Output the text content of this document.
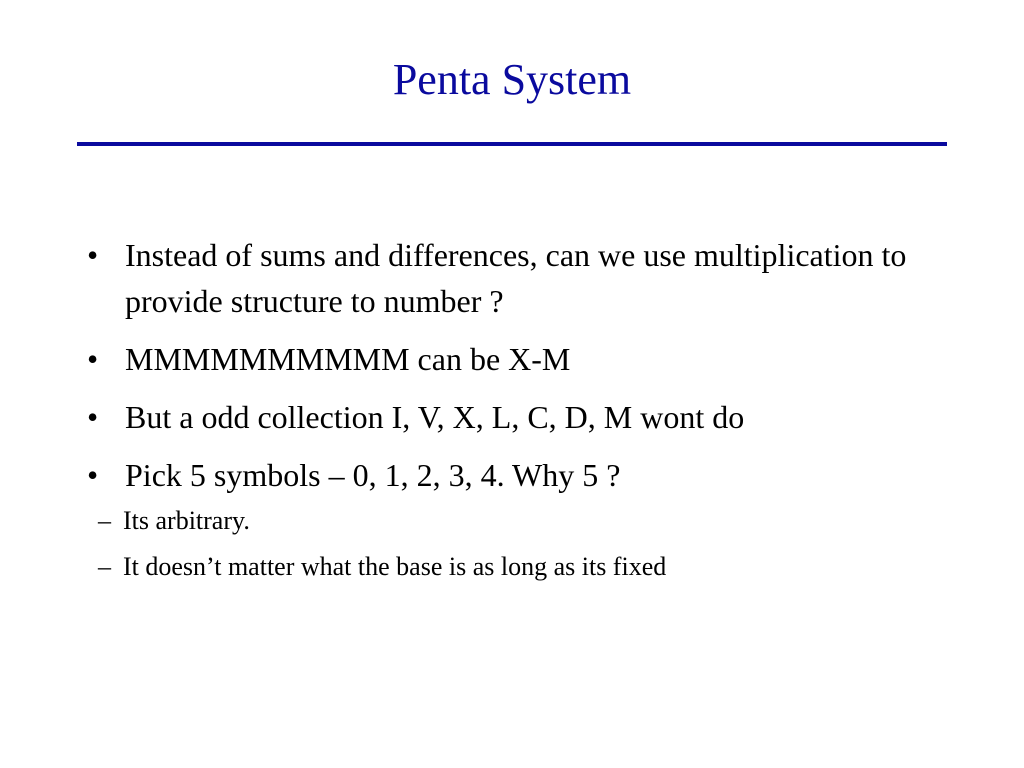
Penta System
• Instead of sums and differences, can we use multiplication to provide structure to number ?
• MMMMMMMMMM can be X-M
• But a odd collection I, V, X, L, C, D, M wont do
• Pick 5 symbols – 0, 1, 2, 3, 4. Why 5 ?
– Its arbitrary.
– It doesn’t matter what the base is as long as its fixed
